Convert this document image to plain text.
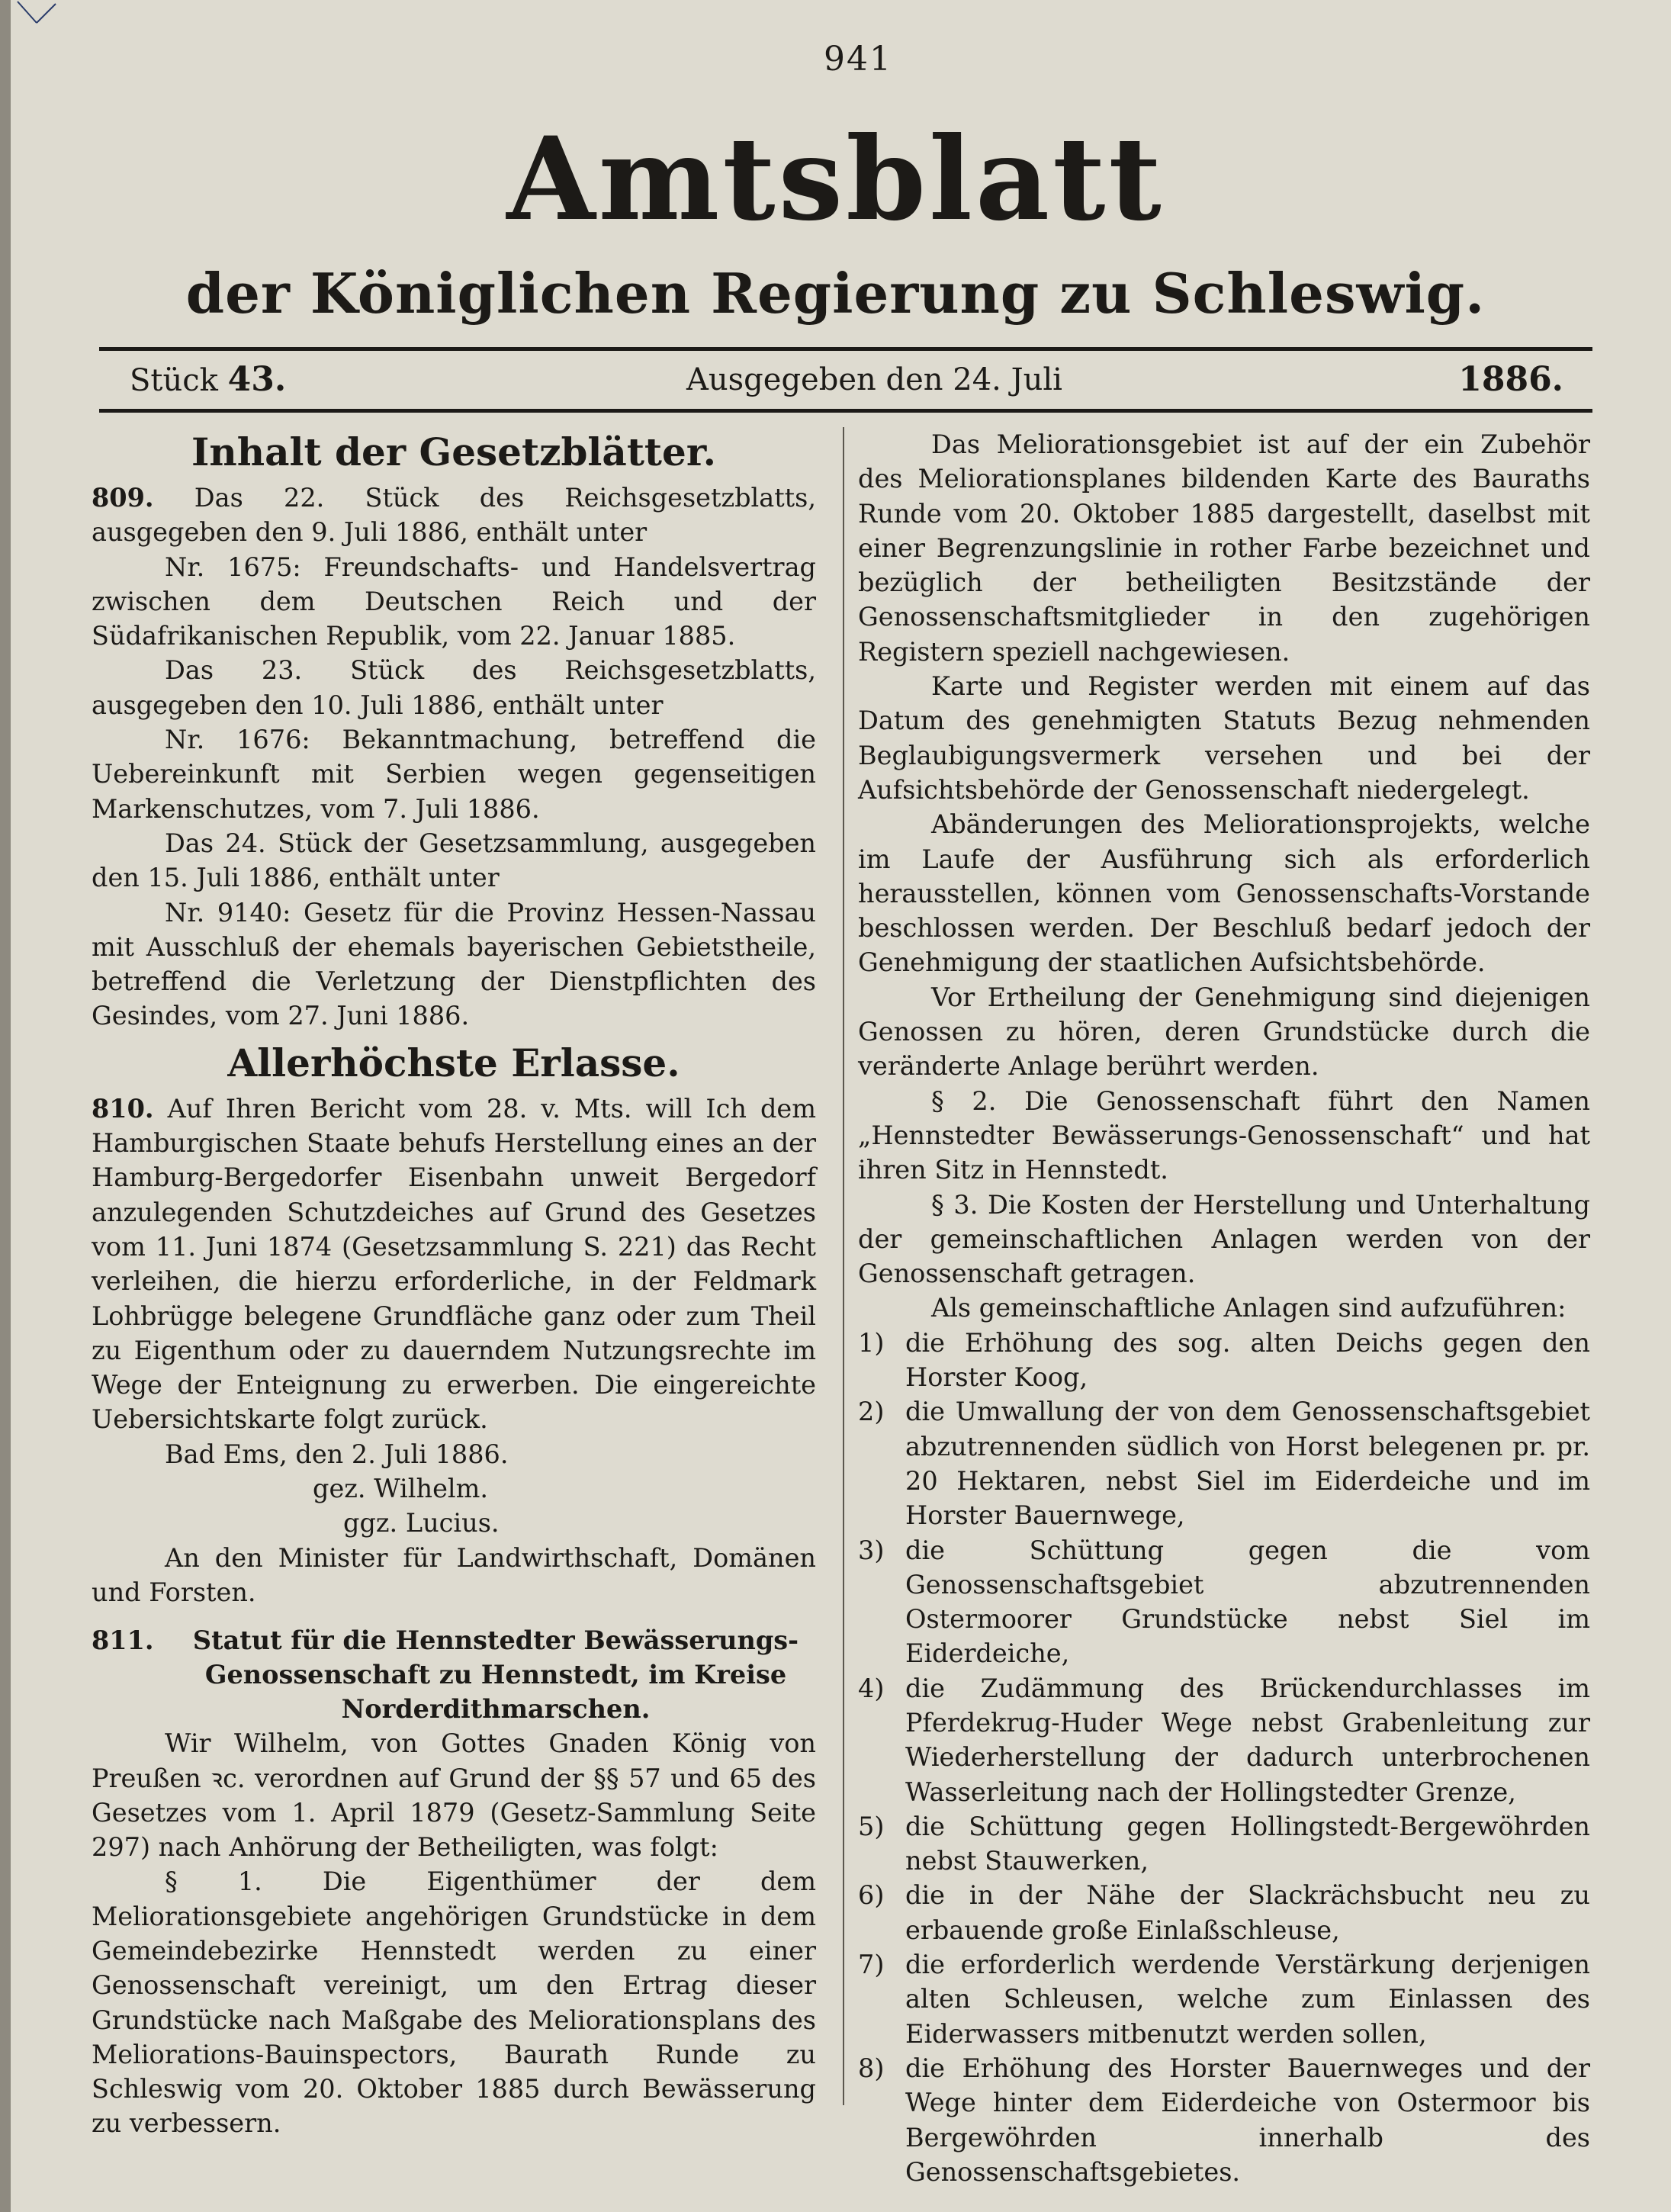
941
Amtsblatt
der Königlichen Regierung zu Schleswig.
Stück 43.	Ausgegeben den 24. Juli	1886.
Inhalt der Gesetzblätter.

809. Das 22. Stück des Reichsgesetzblatts, ausgegeben den 9. Juli 1886, enthält unter

Nr. 1675: Freundschafts- und Handelsvertrag zwischen dem Deutschen Reich und der Südafrikanischen Republik, vom 22. Januar 1885.

Das 23. Stück des Reichsgesetzblatts, ausgegeben den 10. Juli 1886, enthält unter

Nr. 1676: Bekanntmachung, betreffend die Uebereinkunft mit Serbien wegen gegenseitigen Markenschutzes, vom 7. Juli 1886.

Das 24. Stück der Gesetzsammlung, ausgegeben den 15. Juli 1886, enthält unter

Nr. 9140: Gesetz für die Provinz Hessen-Nassau mit Ausschluß der ehemals bayerischen Gebietstheile, betreffend die Verletzung der Dienstpflichten des Gesindes, vom 27. Juni 1886.

Allerhöchste Erlasse.

810. Auf Ihren Bericht vom 28. v. Mts. will Ich dem Hamburgischen Staate behufs Herstellung eines an der Hamburg-Bergedorfer Eisenbahn unweit Bergedorf anzulegenden Schutzdeiches auf Grund des Gesetzes vom 11. Juni 1874 (Gesetzsammlung S. 221) das Recht verleihen, die hierzu erforderliche, in der Feldmark Lohbrügge belegene Grundfläche ganz oder zum Theil zu Eigenthum oder zu dauerndem Nutzungsrechte im Wege der Enteignung zu erwerben. Die eingereichte Uebersichtskarte folgt zurück.

Bad Ems, den 2. Juli 1886.

gez. Wilhelm.

ggz. Lucius.

An den Minister für Landwirthschaft, Domänen und Forsten.

811.	Statut für die Hennstedter Bewässerungs-Genossenschaft zu Hennstedt, im Kreise Norderdithmarschen.

Wir Wilhelm, von Gottes Gnaden König von Preußen ꝛc. verordnen auf Grund der §§ 57 und 65 des Gesetzes vom 1. April 1879 (Gesetz-Sammlung Seite 297) nach Anhörung der Betheiligten, was folgt:

§ 1. Die Eigenthümer der dem Meliorationsgebiete angehörigen Grundstücke in dem Gemeindebezirke Hennstedt werden zu einer Genossenschaft vereinigt, um den Ertrag dieser Grundstücke nach Maßgabe des Meliorationsplans des Meliorations-Bauinspectors, Baurath Runde zu Schleswig vom 20. Oktober 1885 durch Bewässerung zu verbessern.

Das Meliorationsgebiet ist auf der ein Zubehör des Meliorationsplanes bildenden Karte des Bauraths Runde vom 20. Oktober 1885 dargestellt, daselbst mit einer Begrenzungslinie in rother Farbe bezeichnet und bezüglich der betheiligten Besitzstände der Genossenschaftsmitglieder in den zugehörigen Registern speziell nachgewiesen.

Karte und Register werden mit einem auf das Datum des genehmigten Statuts Bezug nehmenden Beglaubigungsvermerk versehen und bei der Aufsichtsbehörde der Genossenschaft niedergelegt.

Abänderungen des Meliorationsprojekts, welche im Laufe der Ausführung sich als erforderlich herausstellen, können vom Genossenschafts-Vorstande beschlossen werden. Der Beschluß bedarf jedoch der Genehmigung der staatlichen Aufsichtsbehörde.

Vor Ertheilung der Genehmigung sind diejenigen Genossen zu hören, deren Grundstücke durch die veränderte Anlage berührt werden.

§ 2. Die Genossenschaft führt den Namen „Hennstedter Bewässerungs-Genossenschaft“ und hat ihren Sitz in Hennstedt.

§ 3. Die Kosten der Herstellung und Unterhaltung der gemeinschaftlichen Anlagen werden von der Genossenschaft getragen.

Als gemeinschaftliche Anlagen sind aufzuführen:

1) die Erhöhung des sog. alten Deichs gegen den Horster Koog,
2) die Umwallung der von dem Genossenschaftsgebiet abzutrennenden südlich von Horst belegenen pr. pr. 20 Hektaren, nebst Siel im Eiderdeiche und im Horster Bauernwege,
3) die Schüttung gegen die vom Genossenschaftsgebiet abzutrennenden Ostermoorer Grundstücke nebst Siel im Eiderdeiche,
4) die Zudämmung des Brückendurchlasses im Pferdekrug-Huder Wege nebst Grabenleitung zur Wiederherstellung der dadurch unterbrochenen Wasserleitung nach der Hollingstedter Grenze,
5) die Schüttung gegen Hollingstedt-Bergewöhrden nebst Stauwerken,
6) die in der Nähe der Slackrächsbucht neu zu erbauende große Einlaßschleuse,
7) die erforderlich werdende Verstärkung derjenigen alten Schleusen, welche zum Einlassen des Eiderwassers mitbenutzt werden sollen,
8) die Erhöhung des Horster Bauernweges und der Wege hinter dem Eiderdeiche von Ostermoor bis Bergewöhrden innerhalb des Genossenschaftsgebietes.
